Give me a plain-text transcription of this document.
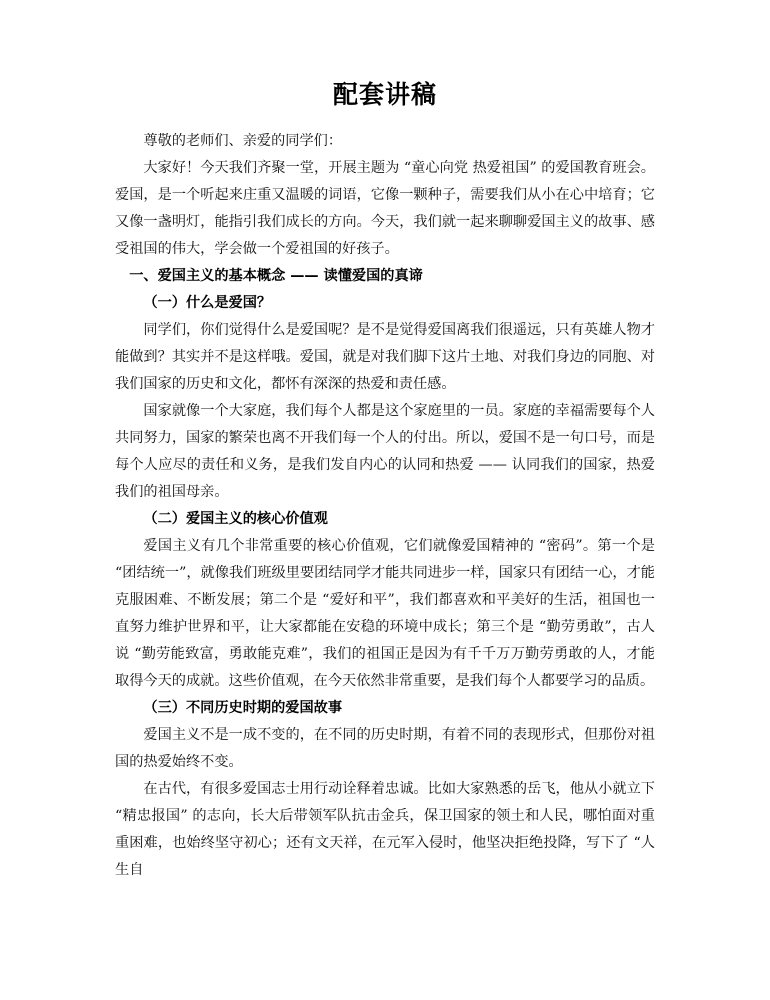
配套讲稿

尊敬的老师们、亲爱的同学们：

大家好！今天我们齐聚一堂，开展主题为 “童心向党 热爱祖国” 的爱国教育班会。爱国，是一个听起来庄重又温暖的词语，它像一颗种子，需要我们从小在心中培育；它又像一盏明灯，能指引我们成长的方向。今天，我们就一起来聊聊爱国主义的故事、感受祖国的伟大，学会做一个爱祖国的好孩子。

一、爱国主义的基本概念 —— 读懂爱国的真谛

（一）什么是爱国？

同学们，你们觉得什么是爱国呢？是不是觉得爱国离我们很遥远，只有英雄人物才能做到？其实并不是这样哦。爱国，就是对我们脚下这片土地、对我们身边的同胞、对我们国家的历史和文化，都怀有深深的热爱和责任感。

国家就像一个大家庭，我们每个人都是这个家庭里的一员。家庭的幸福需要每个人共同努力，国家的繁荣也离不开我们每一个人的付出。所以，爱国不是一句口号，而是每个人应尽的责任和义务，是我们发自内心的认同和热爱 —— 认同我们的国家，热爱我们的祖国母亲。

（二）爱国主义的核心价值观

爱国主义有几个非常重要的核心价值观，它们就像爱国精神的 “密码”。第一个是 “团结统一”，就像我们班级里要团结同学才能共同进步一样，国家只有团结一心，才能克服困难、不断发展；第二个是 “爱好和平”，我们都喜欢和平美好的生活，祖国也一直努力维护世界和平，让大家都能在安稳的环境中成长；第三个是 “勤劳勇敢”，古人说 “勤劳能致富，勇敢能克难”，我们的祖国正是因为有千千万万勤劳勇敢的人，才能取得今天的成就。这些价值观，在今天依然非常重要，是我们每个人都要学习的品质。

（三）不同历史时期的爱国故事

爱国主义不是一成不变的，在不同的历史时期，有着不同的表现形式，但那份对祖国的热爱始终不变。

在古代，有很多爱国志士用行动诠释着忠诚。比如大家熟悉的岳飞，他从小就立下 “精忠报国” 的志向，长大后带领军队抗击金兵，保卫国家的领土和人民，哪怕面对重重困难，也始终坚守初心；还有文天祥，在元军入侵时，他坚决拒绝投降，写下了 “人生自
